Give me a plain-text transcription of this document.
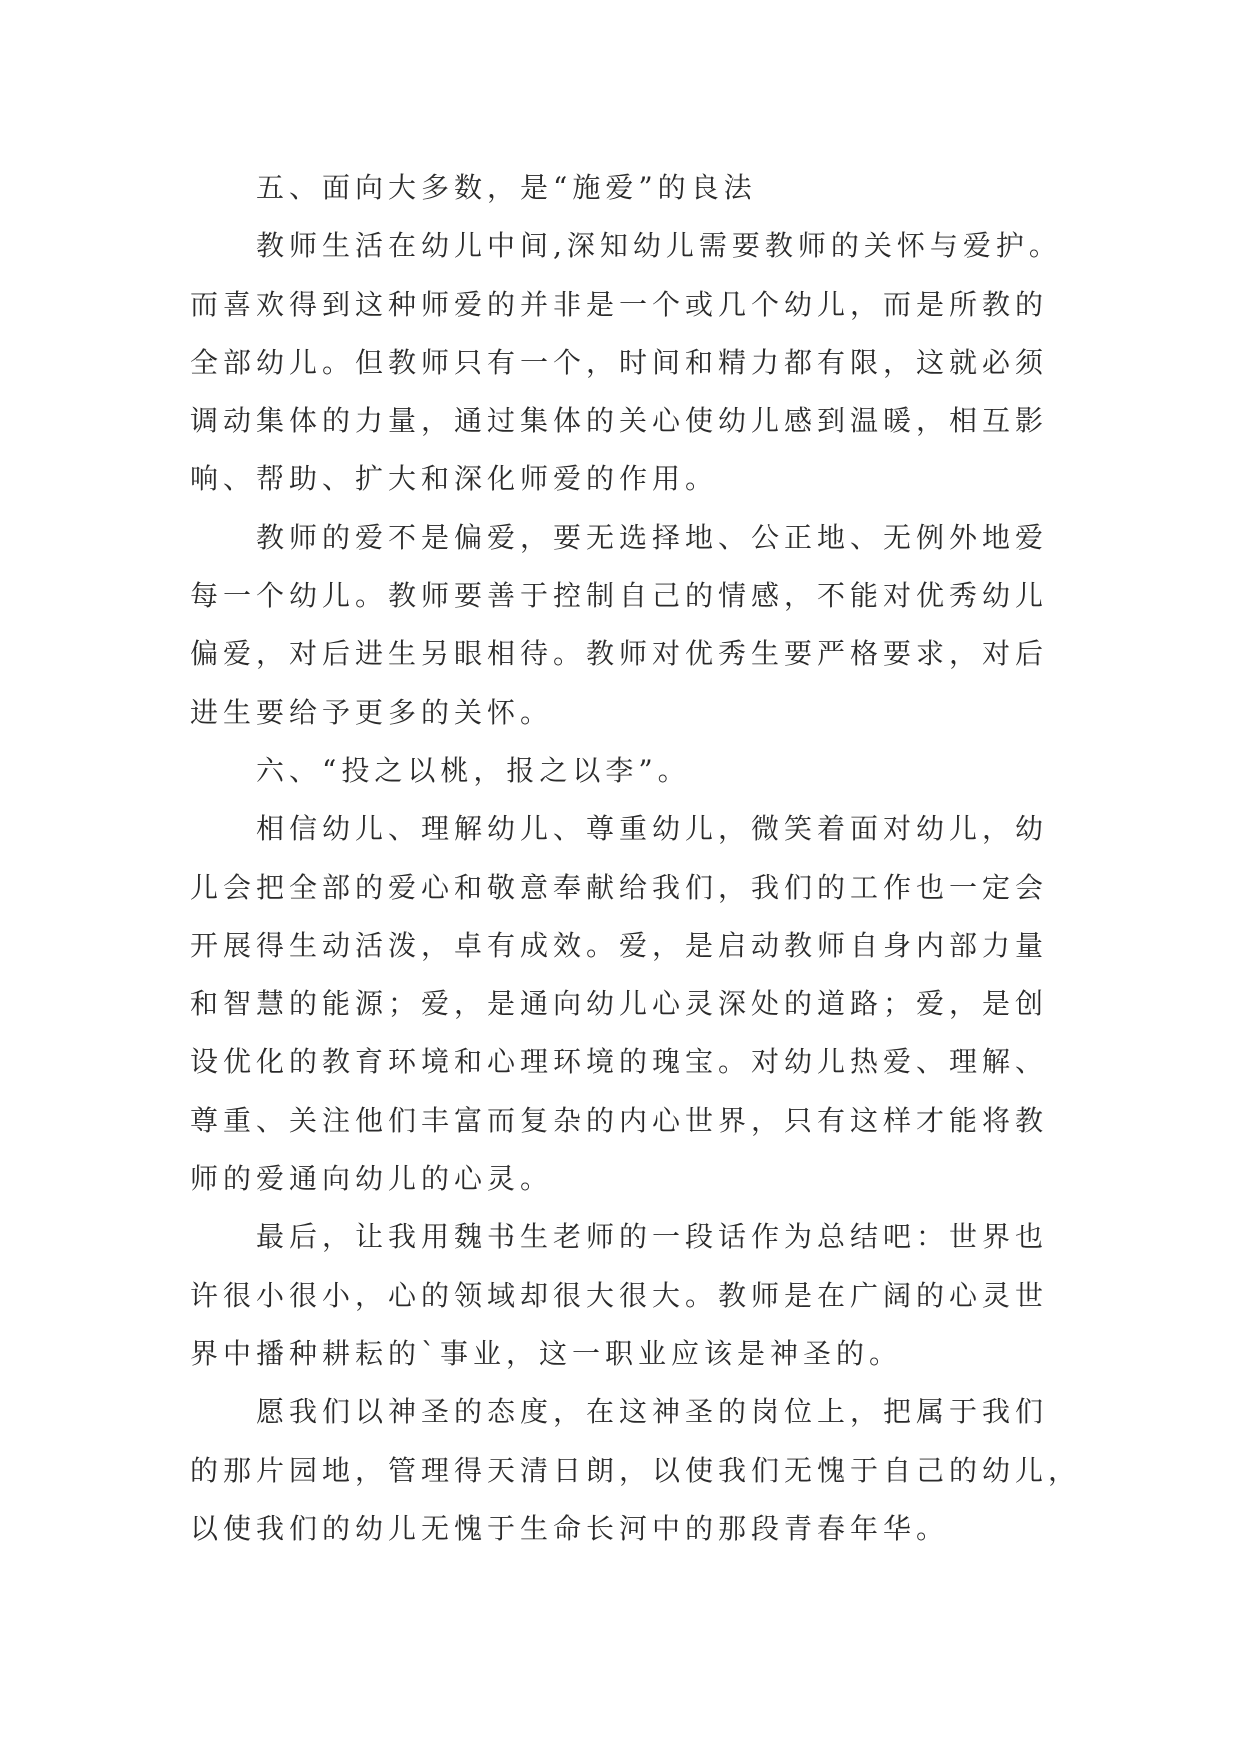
五、面向大多数，是“施爱”的良法
教师生活在幼儿中间,深知幼儿需要教师的关怀与爱护。
而喜欢得到这种师爱的并非是一个或几个幼儿，而是所教的
全部幼儿。但教师只有一个，时间和精力都有限，这就必须
调动集体的力量，通过集体的关心使幼儿感到温暖，相互影
响、帮助、扩大和深化师爱的作用。
教师的爱不是偏爱，要无选择地、公正地、无例外地爱
每一个幼儿。教师要善于控制自己的情感，不能对优秀幼儿
偏爱，对后进生另眼相待。教师对优秀生要严格要求，对后
进生要给予更多的关怀。
六、“投之以桃，报之以李”。
相信幼儿、理解幼儿、尊重幼儿，微笑着面对幼儿，幼
儿会把全部的爱心和敬意奉献给我们，我们的工作也一定会
开展得生动活泼，卓有成效。爱，是启动教师自身内部力量
和智慧的能源；爱，是通向幼儿心灵深处的道路；爱，是创
设优化的教育环境和心理环境的瑰宝。对幼儿热爱、理解、
尊重、关注他们丰富而复杂的内心世界，只有这样才能将教
师的爱通向幼儿的心灵。
最后，让我用魏书生老师的一段话作为总结吧：世界也
许很小很小，心的领域却很大很大。教师是在广阔的心灵世
界中播种耕耘的`事业，这一职业应该是神圣的。
愿我们以神圣的态度，在这神圣的岗位上，把属于我们
的那片园地，管理得天清日朗，以使我们无愧于自己的幼儿，
以使我们的幼儿无愧于生命长河中的那段青春年华。
